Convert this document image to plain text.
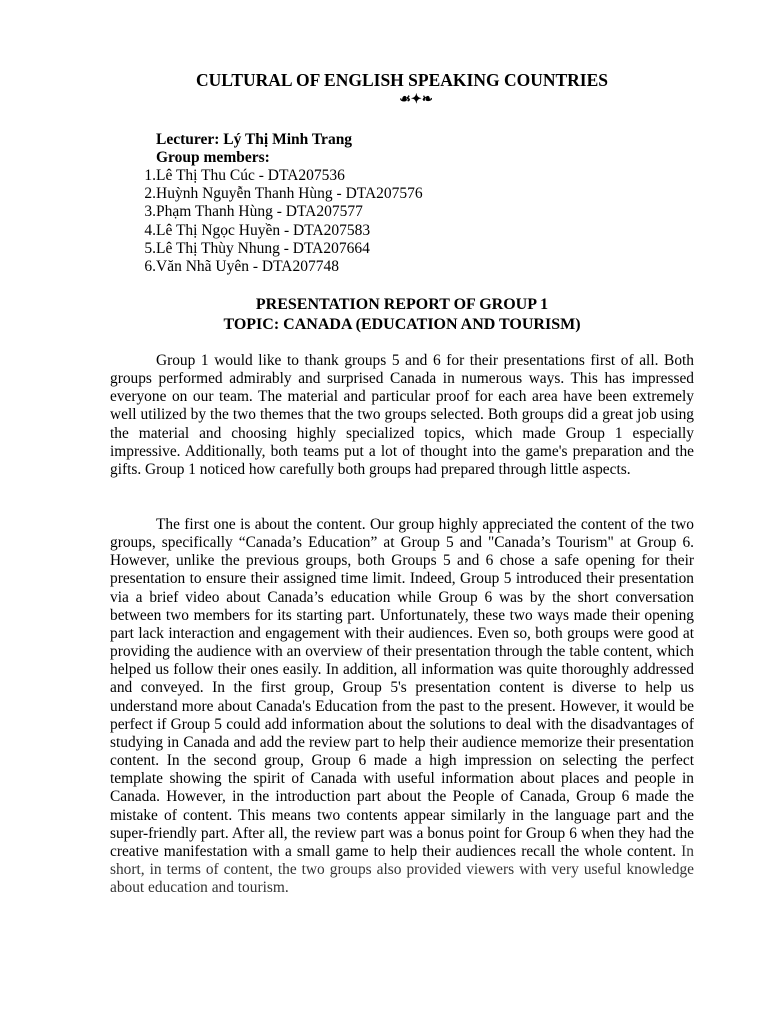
CULTURAL OF ENGLISH SPEAKING COUNTRIES
☙✦❧
Lecturer: Lý Thị Minh Trang
Group members:
1. Lê Thị Thu Cúc - DTA207536
2. Huỳnh Nguyễn Thanh Hùng - DTA207576
3. Phạm Thanh Hùng - DTA207577
4. Lê Thị Ngọc Huyền - DTA207583
5. Lê Thị Thùy Nhung - DTA207664
6. Văn Nhã Uyên - DTA207748
PRESENTATION REPORT OF GROUP 1
TOPIC: CANADA (EDUCATION AND TOURISM)

Group 1 would like to thank groups 5 and 6 for their presentations first of all. Both groups performed admirably and surprised Canada in numerous ways. This has impressed everyone on our team. The material and particular proof for each area have been extremely well utilized by the two themes that the two groups selected. Both groups did a great job using the material and choosing highly specialized topics, which made Group 1 especially impressive. Additionally, both teams put a lot of thought into the game's preparation and the gifts. Group 1 noticed how carefully both groups had prepared through little aspects.

The first one is about the content. Our group highly appreciated the content of the two groups, specifically “Canada’s Education” at Group 5 and "Canada’s Tourism" at Group 6. However, unlike the previous groups, both Groups 5 and 6 chose a safe opening for their presentation to ensure their assigned time limit. Indeed, Group 5 introduced their presentation via a brief video about Canada’s education while Group 6 was by the short conversation between two members for its starting part. Unfortunately, these two ways made their opening part lack interaction and engagement with their audiences. Even so, both groups were good at providing the audience with an overview of their presentation through the table content, which helped us follow their ones easily. In addition, all information was quite thoroughly addressed and conveyed. In the first group, Group 5's presentation content is diverse to help us understand more about Canada's Education from the past to the present. However, it would be perfect if Group 5 could add information about the solutions to deal with the disadvantages of studying in Canada and add the review part to help their audience memorize their presentation content. In the second group, Group 6 made a high impression on selecting the perfect template showing the spirit of Canada with useful information about places and people in Canada. However, in the introduction part about the People of Canada, Group 6 made the mistake of content. This means two contents appear similarly in the language part and the super-friendly part. After all, the review part was a bonus point for Group 6 when they had the creative manifestation with a small game to help their audiences recall the whole content. In short, in terms of content, the two groups also provided viewers with very useful knowledge about education and tourism.
